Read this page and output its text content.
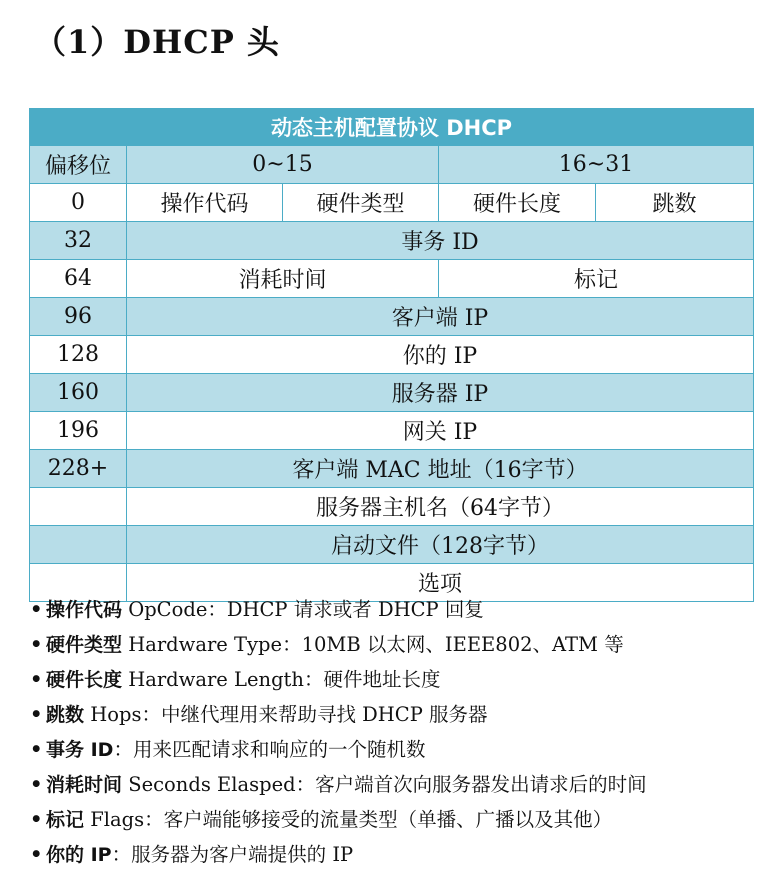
（1）DHCP 头
动态主机配置协议 DHCP				
偏移位	0~15		16~31	
0	操作代码	硬件类型	硬件长度	跳数
32	事务 ID			
64	消耗时间		标记	
96	客户端 IP			
128	你的 IP			
160	服务器 IP			
196	网关 IP			
228+	客户端 MAC 地址（16字节）			
	服务器主机名（64字节）			
	启动文件（128字节）			
	选项			
• 操作代码 OpCode：DHCP 请求或者 DHCP 回复
• 硬件类型 Hardware Type：10MB 以太网、IEEE802、ATM 等
• 硬件长度 Hardware Length：硬件地址长度
• 跳数 Hops：中继代理用来帮助寻找 DHCP 服务器
• 事务 ID：用来匹配请求和响应的一个随机数
• 消耗时间 Seconds Elasped：客户端首次向服务器发出请求后的时间
• 标记 Flags：客户端能够接受的流量类型（单播、广播以及其他）
• 你的 IP：服务器为客户端提供的 IP
